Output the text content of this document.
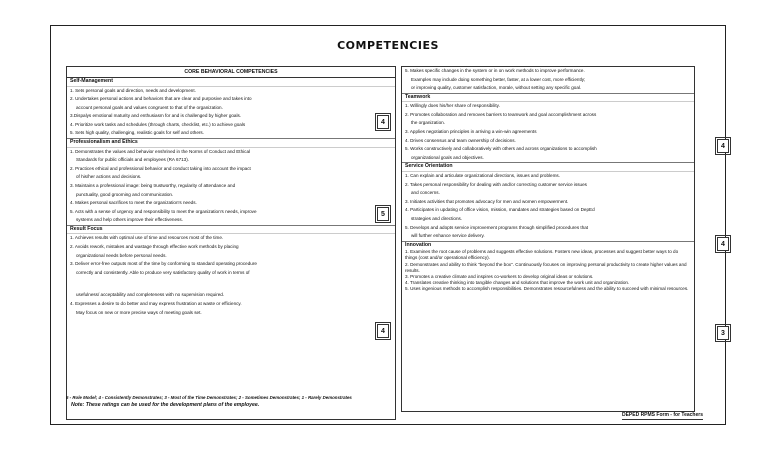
COMPETENCIES
CORE BEHAVIORAL COMPETENCIES
Self-Management
1. Sets personal goals and direction, needs and development.
2. Undertakes personal actions and behaviors that are clear and purposive and takes into
account personal goals and values congruent to that of the organization.
3.Dispalys emotional maturity and enthusiasm for and is challenged by higher goals.
4. Prioritize work tasks and schedules (through charts, checklist, etc.) to achieve goals
5. Sets high quality, challenging, realistic goals for self and others.
Professionalism and Ethics
1. Demonstrates the values and behavior enshrined in the Norms of Conduct and Ethical
Standards for public officials and employees (RA 6713).
2. Practices ethical and professional behavior and conduct taking into account the impact
of his/her actions and decisions.
3. Maintains a professional image: being trustworthy, regularity of attendance and
punctuality, good grooming and communication.
4. Makes personal sacrifices to meet the organization's needs.
5. Acts with a sense of urgency and responsibility to meet the organization's needs, improve
systems and help others improve their effectiveness.
Result Focus
1. Achieves results with optimal use of time and resources most of the time.
2. Avoids rework, mistakes and wastage through effective work methods by placing
organizational needs before personal needs.
3. Deliver error-free outputs most of the time by conforming to standard operating procedure
correctly and consistently. Able to produce very satisfactory quality of work in terms of
usefulness/ acceptability and completeness with no supervision required.
4. Expresses a desire to do better and may express frustration at waste or efficiency.
May focus on new or more precise ways of meeting goals set.
4
5
4
5. Makes specific changes in the system or in on work methods to improve performance.
Examples may include doing something better, faster, at a lower cost, more efficiently;
or improving quality, customer satisfaction, morale, without setting any specific goal.
Teamwork
1. Willingly does his/her share of responsibility.
2. Promotes collaboration and removes barriers to teamwork and goal accomplishment across
the organization.
3. Applies negotiation principles in arriving a win-win agreements
4. Drives consensus and team ownership of decisions.
5. Works constructively and collaboratively with others and across organizations to accomplish
organizational goals and objectives.
Service Orientation
1. Can explain and articulate organizational directions, issues and problems.
2. Takes personal responsibility for dealing with and/or correcting customer service issues
and concerns.
3. Initiates activities that promotes advocacy for men and women empowerment.
4. Participates in updating of office vision, mission, mandates and strategies based on DepEd
strategies and directions.
5. Develops and adopts service improvement programs through simplified procedures that
will further enhance service delivery.
Innovation
1. Examines the root cause of problems and suggests effective solutions. Fosters new ideas, processes and suggest better ways to do things (cost and/or operational efficiency).
2. Demonstrates and ability to think "beyond the box". Continuously focuses on improving personal productivity to create higher values and results.
3. Promotes a creative climate and inspires co-workers to develop original ideas or solutions.
4. Translates creative thinking into tangible changes and solutions that improve the work unit and organization.
5. Uses ingenious methods to accomplish responsibilities. Demonstrates resourcefulness and the ability to succeed with minimal resources.
4
4
3
5 - Role Model; 4 - Consistently Demonstrates; 3 - Most of the Time Demonstrates; 2 - Sometimes Demonstrates; 1 - Rarely Demonstrates
Note: These ratings can be used for the development plans of the employee.
DEPED RPMS Form - for Teachers
